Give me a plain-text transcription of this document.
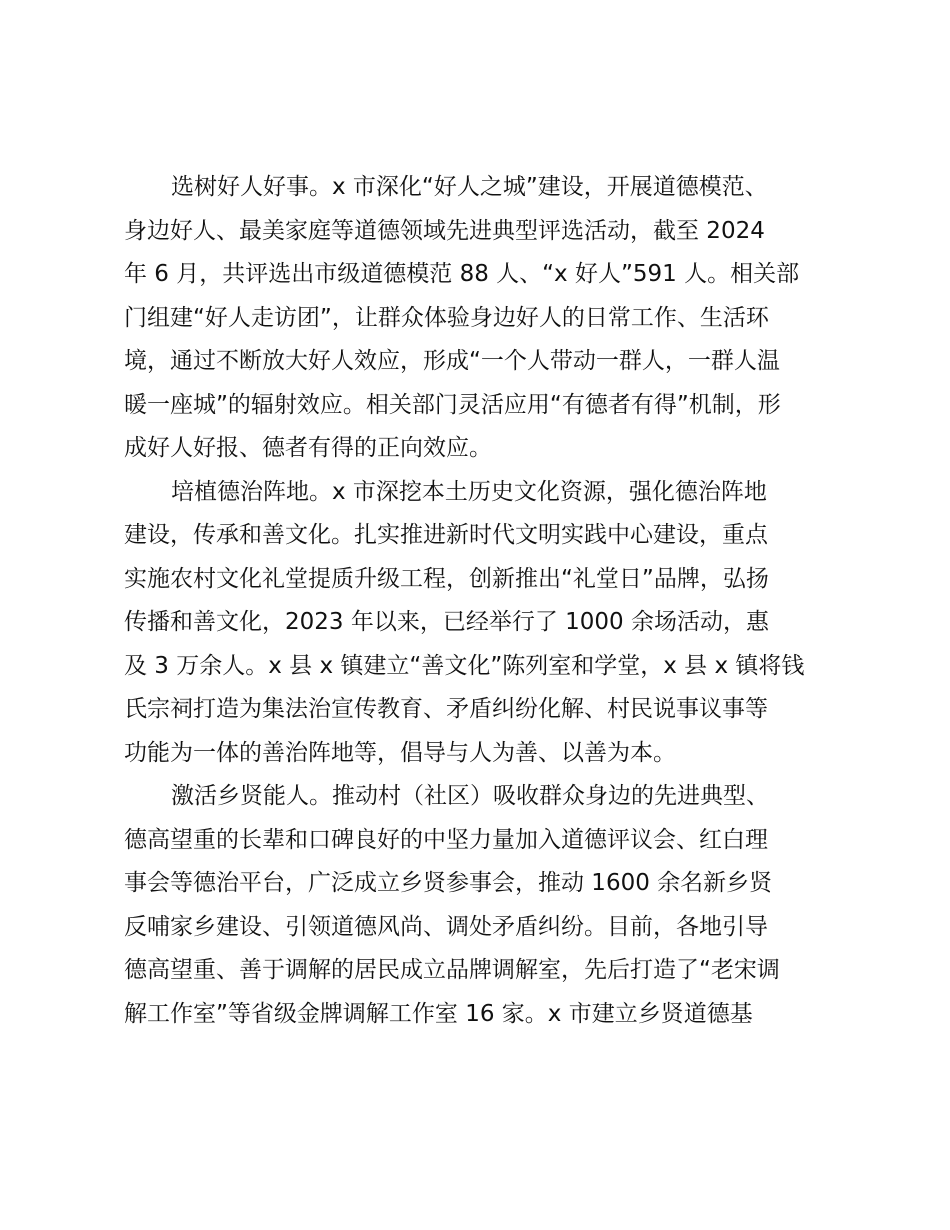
选树好人好事。x 市深化“好人之城”建设，开展道德模范、
身边好人、最美家庭等道德领域先进典型评选活动，截至 2024
年 6 月，共评选出市级道德模范 88 人、“x 好人”591 人。相关部
门组建“好人走访团”，让群众体验身边好人的日常工作、生活环
境，通过不断放大好人效应，形成“一个人带动一群人，一群人温
暖一座城”的辐射效应。相关部门灵活应用“有德者有得”机制，形
成好人好报、德者有得的正向效应。
培植德治阵地。x 市深挖本土历史文化资源，强化德治阵地
建设，传承和善文化。扎实推进新时代文明实践中心建设，重点
实施农村文化礼堂提质升级工程，创新推出“礼堂日”品牌，弘扬
传播和善文化，2023 年以来，已经举行了 1000 余场活动，惠
及 3 万余人。x 县 x 镇建立“善文化”陈列室和学堂，x 县 x 镇将钱
氏宗祠打造为集法治宣传教育、矛盾纠纷化解、村民说事议事等
功能为一体的善治阵地等，倡导与人为善、以善为本。
激活乡贤能人。推动村（社区）吸收群众身边的先进典型、
德高望重的长辈和口碑良好的中坚力量加入道德评议会、红白理
事会等德治平台，广泛成立乡贤参事会，推动 1600 余名新乡贤
反哺家乡建设、引领道德风尚、调处矛盾纠纷。目前，各地引导
德高望重、善于调解的居民成立品牌调解室，先后打造了“老宋调
解工作室”等省级金牌调解工作室 16 家。x 市建立乡贤道德基
